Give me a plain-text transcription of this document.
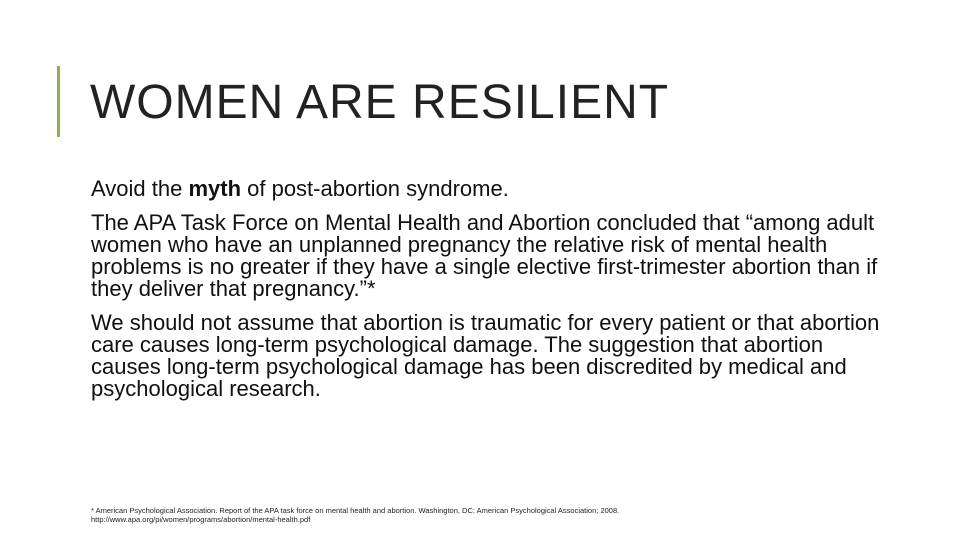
WOMEN ARE RESILIENT

Avoid the myth of post-abortion syndrome.

The APA Task Force on Mental Health and Abortion concluded that “among adult women who have an unplanned pregnancy the relative risk of mental health problems is no greater if they have a single elective first-trimester abortion than if they deliver that pregnancy.”*

We should not assume that abortion is traumatic for every patient or that abortion care causes long-term psychological damage. The suggestion that abortion causes long-term psychological damage has been discredited by medical and psychological research.

* American Psychological Association. Report of the APA task force on mental health and abortion. Washington, DC: American Psychological Association; 2008.
http://www.apa.org/pi/women/programs/abortion/mental-health.pdf
